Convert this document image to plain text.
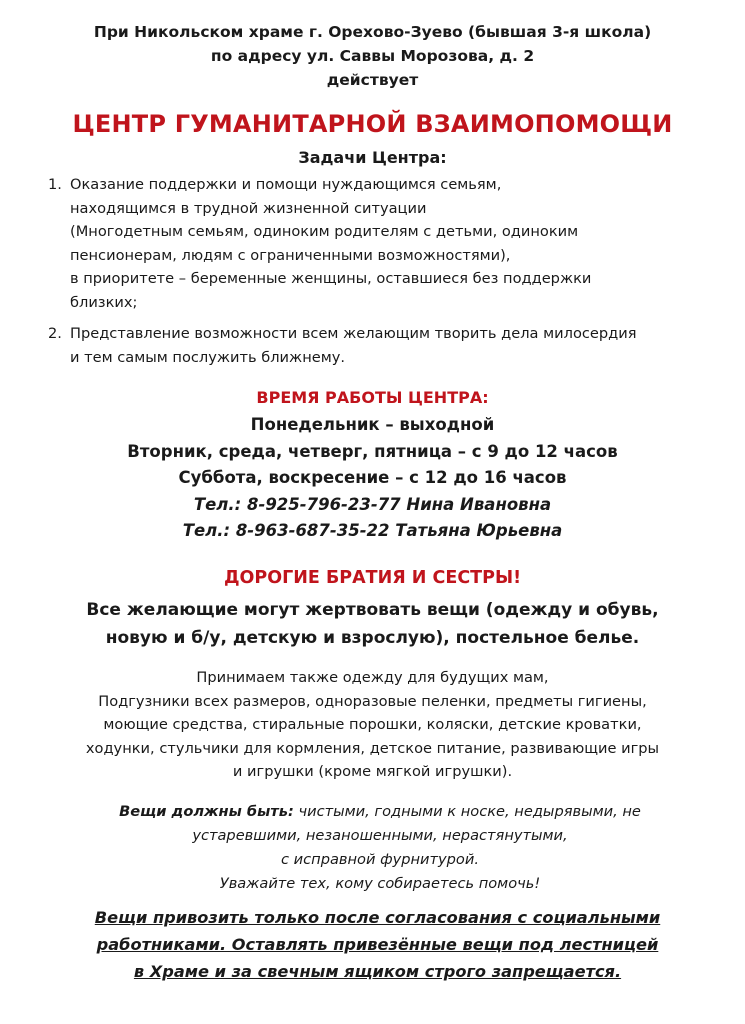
При Никольском храме г. Орехово-Зуево (бывшая 3-я школа)
по адресу ул. Саввы Морозова, д. 2
действует
ЦЕНТР ГУМАНИТАРНОЙ ВЗАИМОПОМОЩИ
Задачи Центра:
1. Оказание поддержки и помощи нуждающимся семьям,
находящимся в трудной жизненной ситуации
(Многодетным семьям, одиноким родителям с детьми, одиноким
пенсионерам, людям с ограниченными возможностями),
в приоритете – беременные женщины, оставшиеся без поддержки
близких;
2. Представление возможности всем желающим творить дела милосердия
и тем самым послужить ближнему.
ВРЕМЯ РАБОТЫ ЦЕНТРА:
Понедельник – выходной
Вторник, среда, четверг, пятница – с 9 до 12 часов
Суббота, воскресение – с 12 до 16 часов
Тел.: 8-925-796-23-77 Нина Ивановна
Тел.: 8-963-687-35-22 Татьяна Юрьевна
ДОРОГИЕ БРАТИЯ И СЕСТРЫ!
Все желающие могут жертвовать вещи (одежду и обувь,
новую и б/у, детскую и взрослую), постельное белье.
Принимаем также одежду для будущих мам,
Подгузники всех размеров, одноразовые пеленки, предметы гигиены,
моющие средства, стиральные порошки, коляски, детские кроватки,
ходунки, стульчики для кормления, детское питание, развивающие игры
и игрушки (кроме мягкой игрушки).
Вещи должны быть: чистыми, годными к носке, недырявыми, не
устаревшими, незаношенными, нерастянутыми,
с исправной фурнитурой.
Уважайте тех, кому собираетесь помочь!
Вещи привозить только после согласования с социальными
работниками. Оставлять привезённые вещи под лестницей
в Храме и за свечным ящиком строго запрещается.
